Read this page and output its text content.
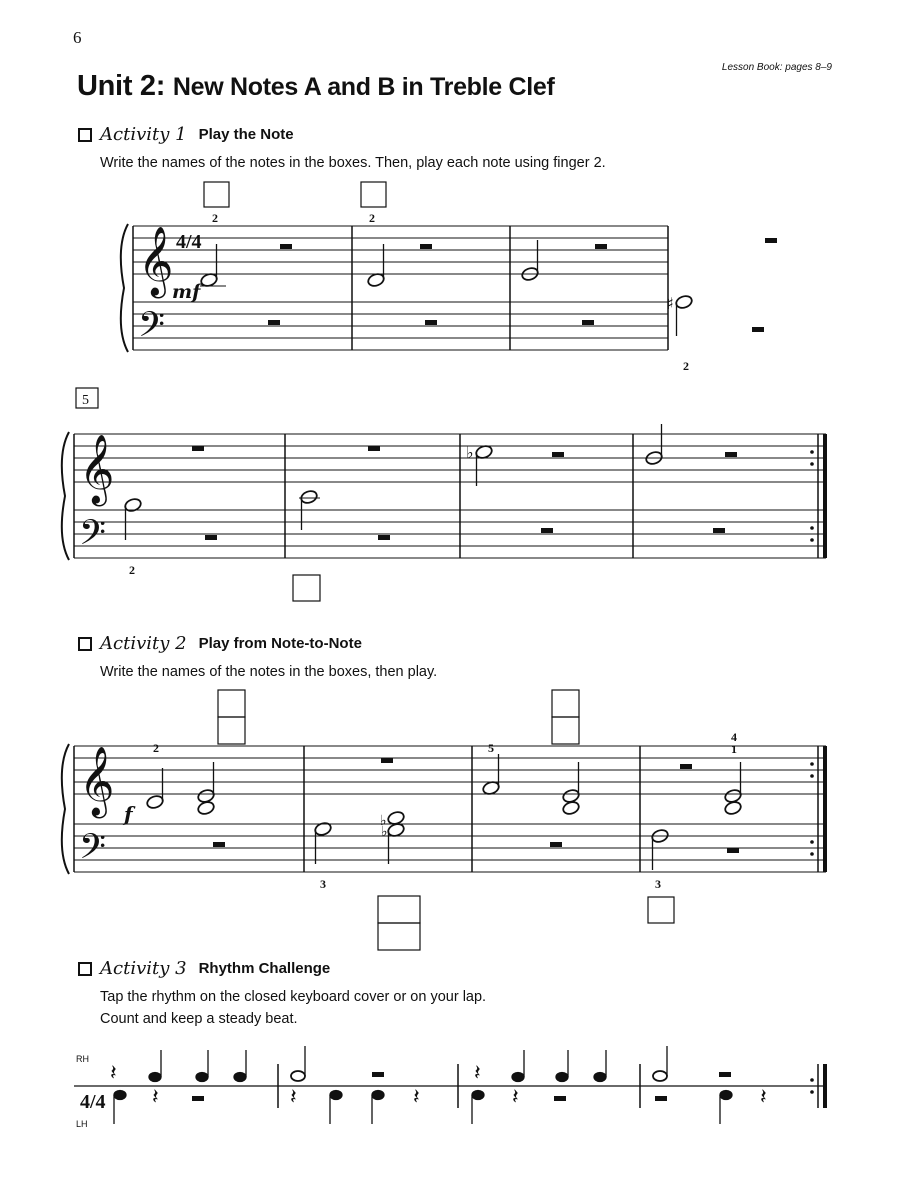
6
Lesson Book: pages 8–9
Unit 2: New Notes A and B in Treble Clef
Activity 1 Play the Note
Write the names of the notes in the boxes. Then, play each note using finger 2.
Activity 2 Play from Note-to-Note
Write the names of the notes in the boxes, then play.
Activity 3 Rhythm Challenge
Tap the rhythm on the closed keyboard cover or on your lap.
Count and keep a steady beat.
𝄞
𝄢
𝄞
𝄢
𝄞
𝄢
♯
♭
♭
♭
𝄽
𝄽	𝄽	𝄽
𝄽
𝄽	𝄽
4/4
mf
f
5
2	2
2
2
2
3
5
4
1
3
RH
LH
4/4
